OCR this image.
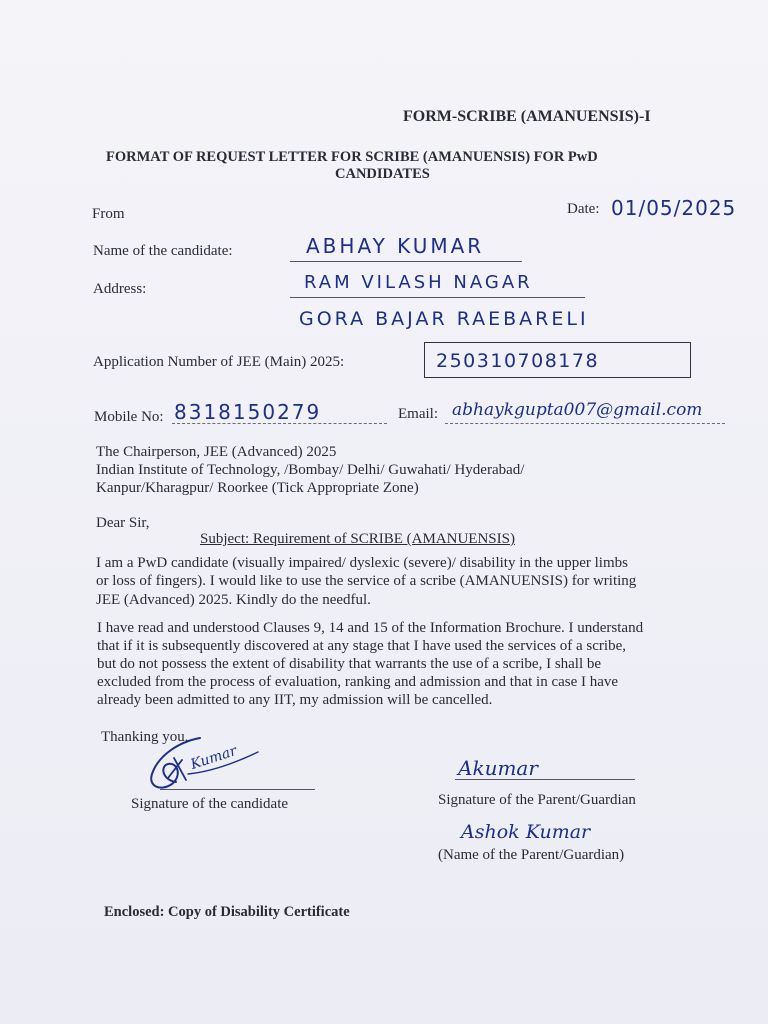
FORM-SCRIBE (AMANUENSIS)-I
FORMAT OF REQUEST LETTER FOR SCRIBE (AMANUENSIS) FOR PwD
CANDIDATES
From	Date: 01/05/2025
Name of the candidate:	ABHAY KUMAR
Address:	RAM VILASH NAGAR
GORA BAJAR RAEBARELI
Application Number of JEE (Main) 2025:	250310708178
Mobile No: 8318150279	Email: abhaykgupta007@gmail.com
The Chairperson, JEE (Advanced) 2025
Indian Institute of Technology, /Bombay/ Delhi/ Guwahati/ Hyderabad/
Kanpur/Kharagpur/ Roorkee (Tick Appropriate Zone)
Dear Sir,
Subject: Requirement of SCRIBE (AMANUENSIS)
I am a PwD candidate (visually impaired/ dyslexic (severe)/ disability in the upper limbs
or loss of fingers). I would like to use the service of a scribe (AMANUENSIS) for writing
JEE (Advanced) 2025. Kindly do the needful.
I have read and understood Clauses 9, 14 and 15 of the Information Brochure. I understand
that if it is subsequently discovered at any stage that I have used the services of a scribe,
but do not possess the extent of disability that warrants the use of a scribe, I shall be
excluded from the process of evaluation, ranking and admission and that in case I have
already been admitted to any IIT, my admission will be cancelled.
Thanking you,
Kumar
Signature of the candidate
Akumar
Signature of the Parent/Guardian
Ashok Kumar
(Name of the Parent/Guardian)
Enclosed: Copy of Disability Certificate
